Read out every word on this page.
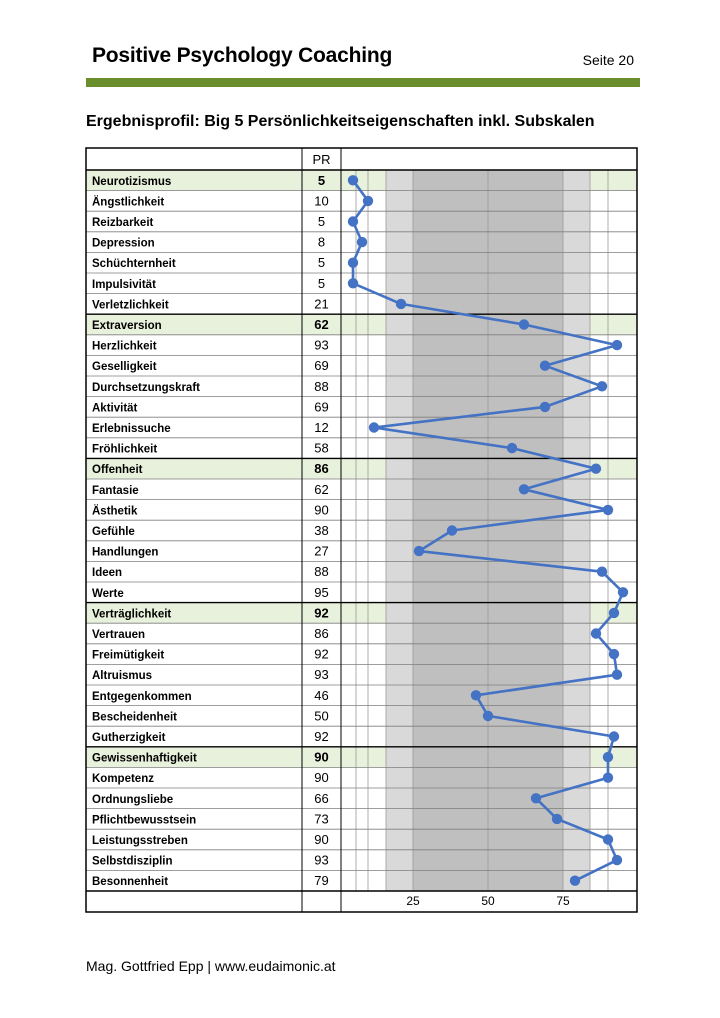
Positive Psychology Coaching	Seite 20
Ergebnisprofil: Big 5 Persönlichkeitseigenschaften inkl. Subskalen
PR
Neurotizismus	5
Ängstlichkeit	10
Reizbarkeit	5
Depression	8
Schüchternheit	5
Impulsivität	5
Verletzlichkeit	21
Extraversion	62
Herzlichkeit	93
Geselligkeit	69
Durchsetzungskraft	88
Aktivität	69
Erlebnissuche	12
Fröhlichkeit	58
Offenheit	86
Fantasie	62
Ästhetik	90
Gefühle	38
Handlungen	27
Ideen	88
Werte	95
Verträglichkeit	92
Vertrauen	86
Freimütigkeit	92
Altruismus	93
Entgegenkommen	46
Bescheidenheit	50
Gutherzigkeit	92
Gewissenhaftigkeit	90
Kompetenz	90
Ordnungsliebe	66
Pflichtbewusstsein	73
Leistungsstreben	90
Selbstdisziplin	93
Besonnenheit	79
25	50	75
Mag. Gottfried Epp | www.eudaimonic.at
